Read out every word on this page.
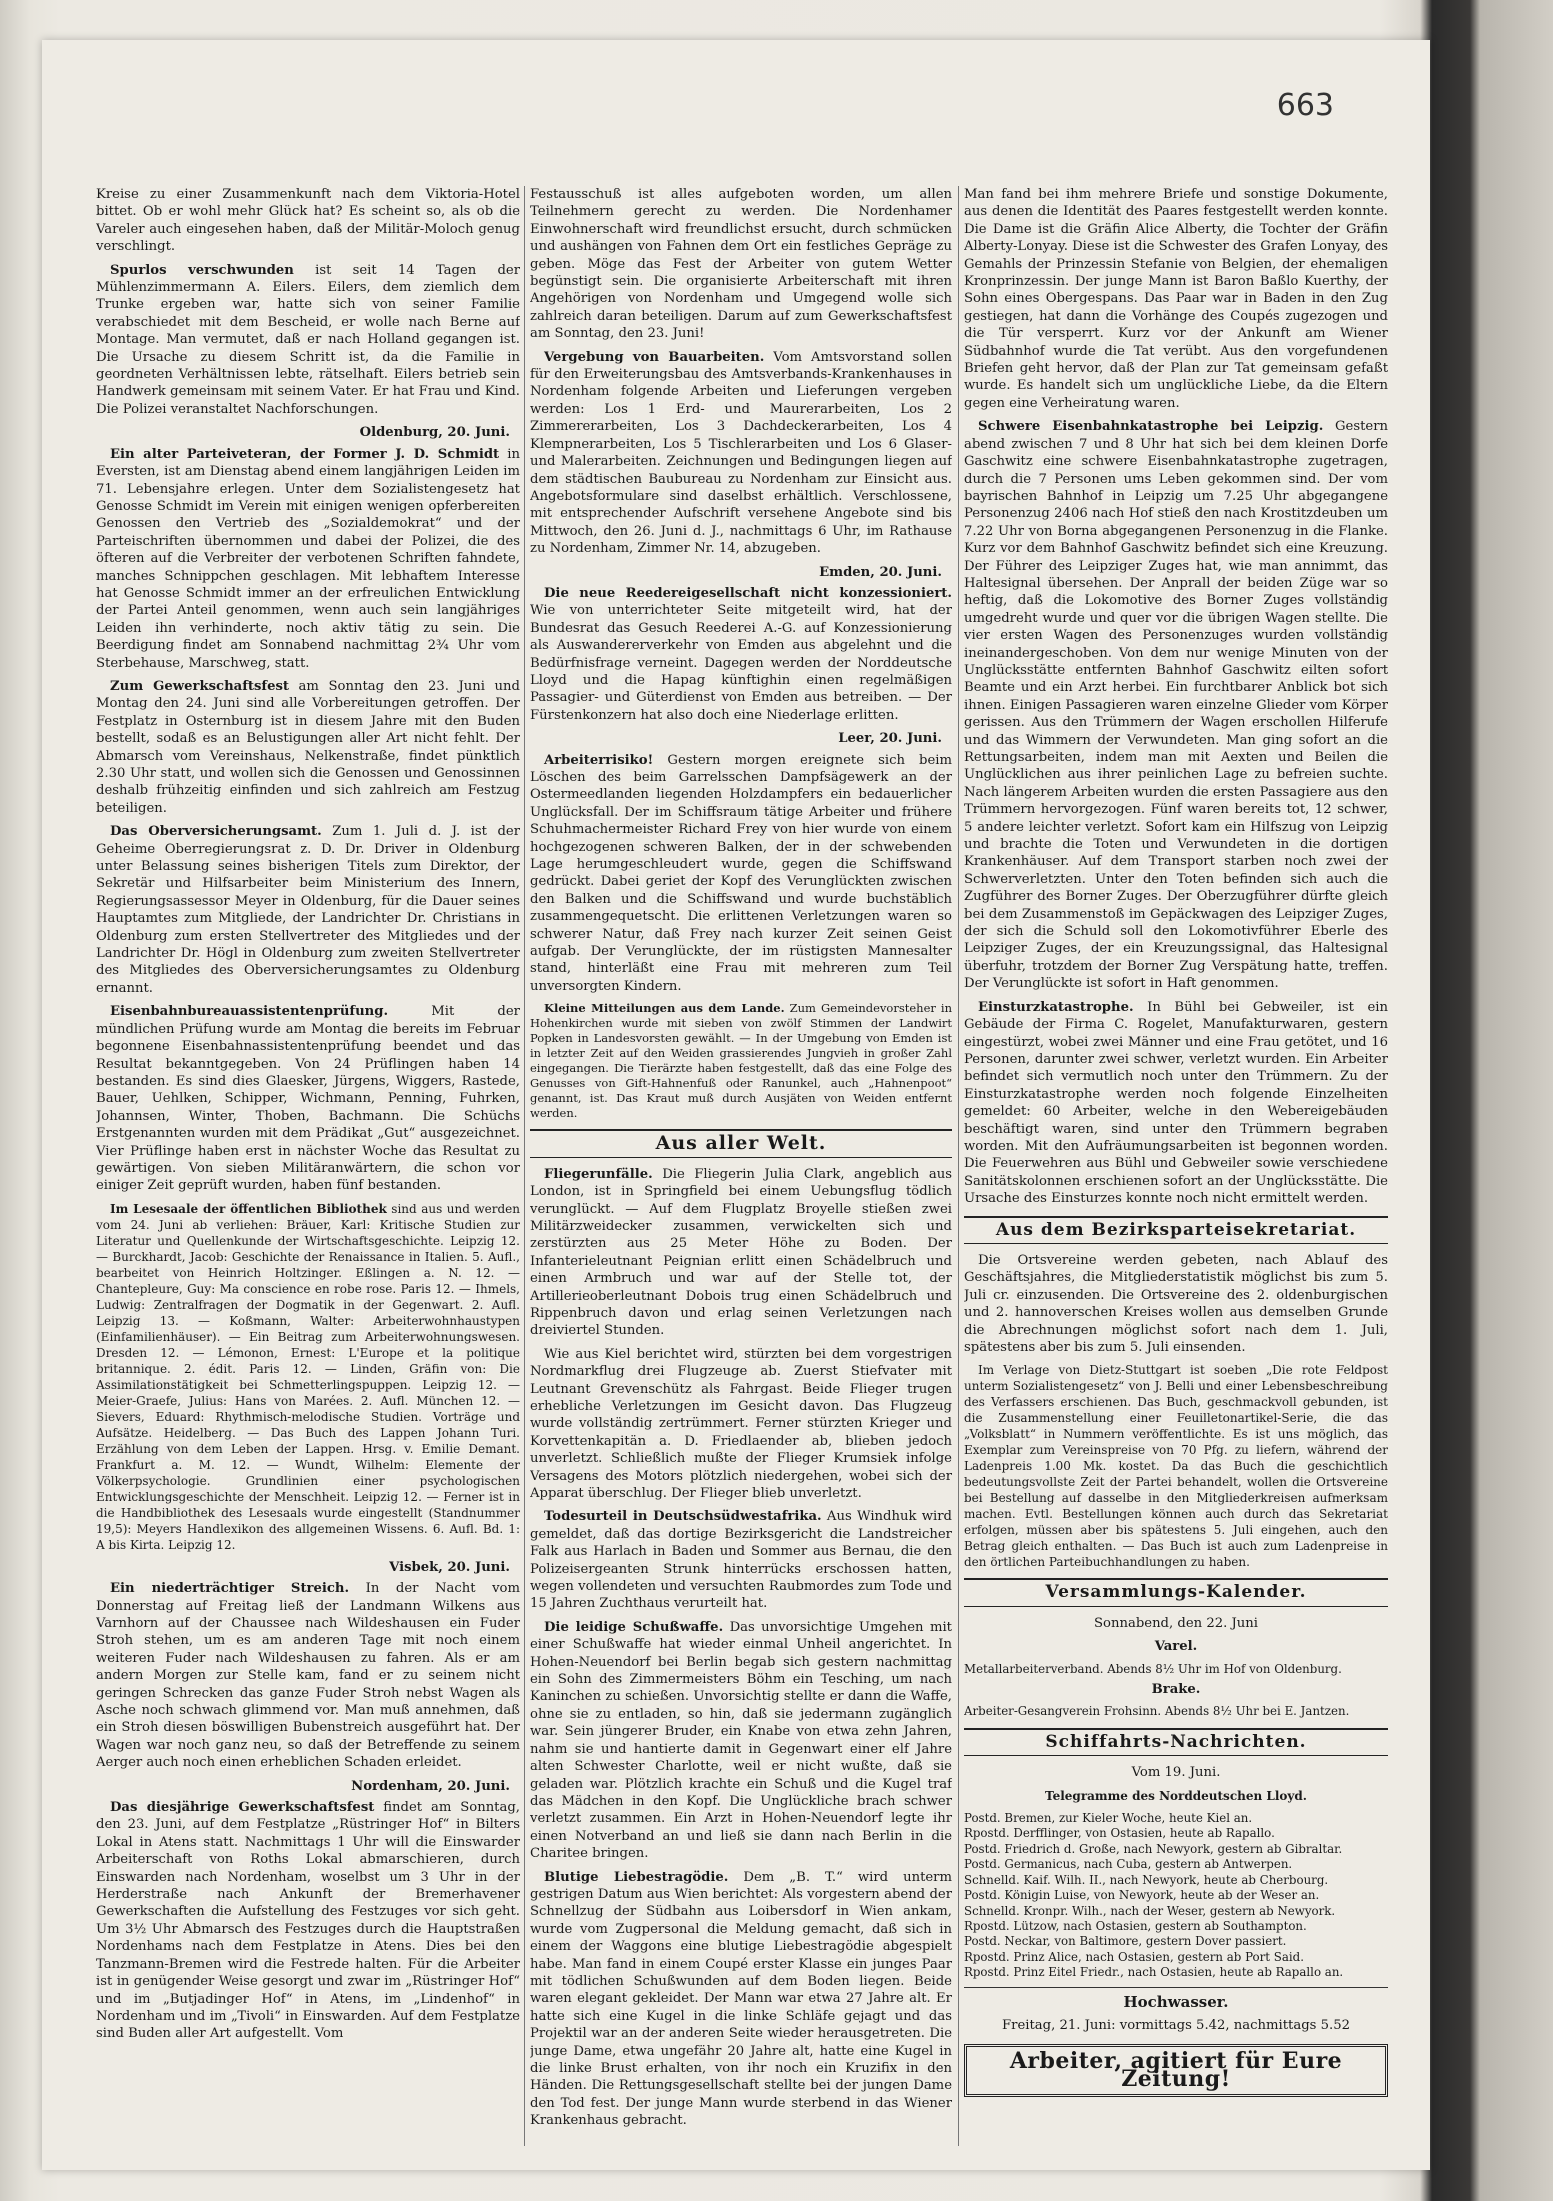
663

Kreise zu einer Zusammenkunft nach dem Viktoria-Hotel bittet. Ob er wohl mehr Glück hat? Es scheint so, als ob die Vareler auch eingesehen haben, daß der Militär-Moloch genug verschlingt.

Spurlos verschwunden ist seit 14 Tagen der Mühlenzimmermann A. Eilers. Eilers, dem ziemlich dem Trunke ergeben war, hatte sich von seiner Familie verabschiedet mit dem Bescheid, er wolle nach Berne auf Montage. Man vermutet, daß er nach Holland gegangen ist. Die Ursache zu diesem Schritt ist, da die Familie in geordneten Verhältnissen lebte, rätselhaft. Eilers betrieb sein Handwerk gemeinsam mit seinem Vater. Er hat Frau und Kind. Die Polizei veranstaltet Nachforschungen.

Oldenburg, 20. Juni.

Ein alter Parteiveteran, der Former J. D. Schmidt in Eversten, ist am Dienstag abend einem langjährigen Leiden im 71. Lebensjahre erlegen. Unter dem Sozialistengesetz hat Genosse Schmidt im Verein mit einigen wenigen opferbereiten Genossen den Vertrieb des „Sozialdemokrat“ und der Parteischriften übernommen und dabei der Polizei, die des öfteren auf die Verbreiter der verbotenen Schriften fahndete, manches Schnippchen geschlagen. Mit lebhaftem Interesse hat Genosse Schmidt immer an der erfreulichen Entwicklung der Partei Anteil genommen, wenn auch sein langjähriges Leiden ihn verhinderte, noch aktiv tätig zu sein. Die Beerdigung findet am Sonnabend nachmittag 2¾ Uhr vom Sterbehause, Marschweg, statt.

Zum Gewerkschaftsfest am Sonntag den 23. Juni und Montag den 24. Juni sind alle Vorbereitungen getroffen. Der Festplatz in Osternburg ist in diesem Jahre mit den Buden bestellt, sodaß es an Belustigungen aller Art nicht fehlt. Der Abmarsch vom Vereinshaus, Nelkenstraße, findet pünktlich 2.30 Uhr statt, und wollen sich die Genossen und Genossinnen deshalb frühzeitig einfinden und sich zahlreich am Festzug beteiligen.

Das Oberversicherungsamt. Zum 1. Juli d. J. ist der Geheime Oberregierungsrat z. D. Dr. Driver in Oldenburg unter Belassung seines bisherigen Titels zum Direktor, der Sekretär und Hilfsarbeiter beim Ministerium des Innern, Regierungsassessor Meyer in Oldenburg, für die Dauer seines Hauptamtes zum Mitgliede, der Landrichter Dr. Christians in Oldenburg zum ersten Stellvertreter des Mitgliedes und der Landrichter Dr. Högl in Oldenburg zum zweiten Stellvertreter des Mitgliedes des Oberversicherungsamtes zu Oldenburg ernannt.

Eisenbahnbureauassistentenprüfung. Mit der mündlichen Prüfung wurde am Montag die bereits im Februar begonnene Eisenbahnassistentenprüfung beendet und das Resultat bekanntgegeben. Von 24 Prüflingen haben 14 bestanden. Es sind dies Glaesker, Jürgens, Wiggers, Rastede, Bauer, Uehlken, Schipper, Wichmann, Penning, Fuhrken, Johannsen, Winter, Thoben, Bachmann. Die Schüchs Erstgenannten wurden mit dem Prädikat „Gut“ ausgezeichnet. Vier Prüflinge haben erst in nächster Woche das Resultat zu gewärtigen. Von sieben Militäranwärtern, die schon vor einiger Zeit geprüft wurden, haben fünf bestanden.

Im Lesesaale der öffentlichen Bibliothek sind aus und werden vom 24. Juni ab verliehen: Bräuer, Karl: Kritische Studien zur Literatur und Quellenkunde der Wirtschaftsgeschichte. Leipzig 12. — Burckhardt, Jacob: Geschichte der Renaissance in Italien. 5. Aufl., bearbeitet von Heinrich Holtzinger. Eßlingen a. N. 12. — Chantepleure, Guy: Ma conscience en robe rose. Paris 12. — Ihmels, Ludwig: Zentralfragen der Dogmatik in der Gegenwart. 2. Aufl. Leipzig 13. — Koßmann, Walter: Arbeiterwohnhaustypen (Einfamilienhäuser). — Ein Beitrag zum Arbeiterwohnungswesen. Dresden 12. — Lémonon, Ernest: L'Europe et la politique britannique. 2. édit. Paris 12. — Linden, Gräfin von: Die Assimilationstätigkeit bei Schmetterlingspuppen. Leipzig 12. — Meier-Graefe, Julius: Hans von Marées. 2. Aufl. München 12. — Sievers, Eduard: Rhythmisch-melodische Studien. Vorträge und Aufsätze. Heidelberg. — Das Buch des Lappen Johann Turi. Erzählung von dem Leben der Lappen. Hrsg. v. Emilie Demant. Frankfurt a. M. 12. — Wundt, Wilhelm: Elemente der Völkerpsychologie. Grundlinien einer psychologischen Entwicklungsgeschichte der Menschheit. Leipzig 12. — Ferner ist in die Handbibliothek des Lesesaals wurde eingestellt (Standnummer 19,5): Meyers Handlexikon des allgemeinen Wissens. 6. Aufl. Bd. 1: A bis Kirta. Leipzig 12.

Visbek, 20. Juni.

Ein niederträchtiger Streich. In der Nacht vom Donnerstag auf Freitag ließ der Landmann Wilkens aus Varnhorn auf der Chaussee nach Wildeshausen ein Fuder Stroh stehen, um es am anderen Tage mit noch einem weiteren Fuder nach Wildeshausen zu fahren. Als er am andern Morgen zur Stelle kam, fand er zu seinem nicht geringen Schrecken das ganze Fuder Stroh nebst Wagen als Asche noch schwach glimmend vor. Man muß annehmen, daß ein Stroh diesen böswilligen Bubenstreich ausgeführt hat. Der Wagen war noch ganz neu, so daß der Betreffende zu seinem Aerger auch noch einen erheblichen Schaden erleidet.

Nordenham, 20. Juni.

Das diesjährige Gewerkschaftsfest findet am Sonntag, den 23. Juni, auf dem Festplatze „Rüstringer Hof“ in Bilters Lokal in Atens statt. Nachmittags 1 Uhr will die Einswarder Arbeiterschaft von Roths Lokal abmarschieren, durch Einswarden nach Nordenham, woselbst um 3 Uhr in der Herderstraße nach Ankunft der Bremerhavener Gewerkschaften die Aufstellung des Festzuges vor sich geht. Um 3½ Uhr Abmarsch des Festzuges durch die Hauptstraßen Nordenhams nach dem Festplatze in Atens. Dies bei den Tanzmann-Bremen wird die Festrede halten. Für die Arbeiter ist in genügender Weise gesorgt und zwar im „Rüstringer Hof“ und im „Butjadinger Hof“ in Atens, im „Lindenhof“ in Nordenham und im „Tivoli“ in Einswarden. Auf dem Festplatze sind Buden aller Art aufgestellt. Vom

Festausschuß ist alles aufgeboten worden, um allen Teilnehmern gerecht zu werden. Die Nordenhamer Einwohnerschaft wird freundlichst ersucht, durch schmücken und aushängen von Fahnen dem Ort ein festliches Gepräge zu geben. Möge das Fest der Arbeiter von gutem Wetter begünstigt sein. Die organisierte Arbeiterschaft mit ihren Angehörigen von Nordenham und Umgegend wolle sich zahlreich daran beteiligen. Darum auf zum Gewerkschaftsfest am Sonntag, den 23. Juni!

Vergebung von Bauarbeiten. Vom Amtsvorstand sollen für den Erweiterungsbau des Amtsverbands-Krankenhauses in Nordenham folgende Arbeiten und Lieferungen vergeben werden: Los 1 Erd- und Maurerarbeiten, Los 2 Zimmererarbeiten, Los 3 Dachdeckerarbeiten, Los 4 Klempnerarbeiten, Los 5 Tischlerarbeiten und Los 6 Glaser- und Malerarbeiten. Zeichnungen und Bedingungen liegen auf dem städtischen Baubureau zu Nordenham zur Einsicht aus. Angebotsformulare sind daselbst erhältlich. Verschlossene, mit entsprechender Aufschrift versehene Angebote sind bis Mittwoch, den 26. Juni d. J., nachmittags 6 Uhr, im Rathause zu Nordenham, Zimmer Nr. 14, abzugeben.

Emden, 20. Juni.

Die neue Reedereigesellschaft nicht konzessioniert. Wie von unterrichteter Seite mitgeteilt wird, hat der Bundesrat das Gesuch Reederei A.-G. auf Konzessionierung als Auswandererverkehr von Emden aus abgelehnt und die Bedürfnisfrage verneint. Dagegen werden der Norddeutsche Lloyd und die Hapag künftighin einen regelmäßigen Passagier- und Güterdienst von Emden aus betreiben. — Der Fürstenkonzern hat also doch eine Niederlage erlitten.

Leer, 20. Juni.

Arbeiterrisiko! Gestern morgen ereignete sich beim Löschen des beim Garrelsschen Dampfsägewerk an der Ostermeedlanden liegenden Holzdampfers ein bedauerlicher Unglücksfall. Der im Schiffsraum tätige Arbeiter und frühere Schuhmachermeister Richard Frey von hier wurde von einem hochgezogenen schweren Balken, der in der schwebenden Lage herumgeschleudert wurde, gegen die Schiffswand gedrückt. Dabei geriet der Kopf des Verunglückten zwischen den Balken und die Schiffswand und wurde buchstäblich zusammengequetscht. Die erlittenen Verletzungen waren so schwerer Natur, daß Frey nach kurzer Zeit seinen Geist aufgab. Der Verunglückte, der im rüstigsten Mannesalter stand, hinterläßt eine Frau mit mehreren zum Teil unversorgten Kindern.

Kleine Mitteilungen aus dem Lande. Zum Gemeindevorsteher in Hohenkirchen wurde mit sieben von zwölf Stimmen der Landwirt Popken in Landesvorsten gewählt. — In der Umgebung von Emden ist in letzter Zeit auf den Weiden grassierendes Jungvieh in großer Zahl eingegangen. Die Tierärzte haben festgestellt, daß das eine Folge des Genusses von Gift-Hahnenfuß oder Ranunkel, auch „Hahnenpoot“ genannt, ist. Das Kraut muß durch Ausjäten von Weiden entfernt werden.

Aus aller Welt.

Fliegerunfälle. Die Fliegerin Julia Clark, angeblich aus London, ist in Springfield bei einem Uebungsflug tödlich verunglückt. — Auf dem Flugplatz Broyelle stießen zwei Militärzweidecker zusammen, verwickelten sich und zerstürzten aus 25 Meter Höhe zu Boden. Der Infanterieleutnant Peignian erlitt einen Schädelbruch und einen Armbruch und war auf der Stelle tot, der Artillerieoberleutnant Dobois trug einen Schädelbruch und Rippenbruch davon und erlag seinen Verletzungen nach dreiviertel Stunden.

Wie aus Kiel berichtet wird, stürzten bei dem vorgestrigen Nordmarkflug drei Flugzeuge ab. Zuerst Stiefvater mit Leutnant Grevenschütz als Fahrgast. Beide Flieger trugen erhebliche Verletzungen im Gesicht davon. Das Flugzeug wurde vollständig zertrümmert. Ferner stürzten Krieger und Korvettenkapitän a. D. Friedlaender ab, blieben jedoch unverletzt. Schließlich mußte der Flieger Krumsiek infolge Versagens des Motors plötzlich niedergehen, wobei sich der Apparat überschlug. Der Flieger blieb unverletzt.

Todesurteil in Deutschsüdwestafrika. Aus Windhuk wird gemeldet, daß das dortige Bezirksgericht die Landstreicher Falk aus Harlach in Baden und Sommer aus Bernau, die den Polizeisergeanten Strunk hinterrücks erschossen hatten, wegen vollendeten und versuchten Raubmordes zum Tode und 15 Jahren Zuchthaus verurteilt hat.

Die leidige Schußwaffe. Das unvorsichtige Umgehen mit einer Schußwaffe hat wieder einmal Unheil angerichtet. In Hohen-Neuendorf bei Berlin begab sich gestern nachmittag ein Sohn des Zimmermeisters Böhm ein Tesching, um nach Kaninchen zu schießen. Unvorsichtig stellte er dann die Waffe, ohne sie zu entladen, so hin, daß sie jedermann zugänglich war. Sein jüngerer Bruder, ein Knabe von etwa zehn Jahren, nahm sie und hantierte damit in Gegenwart einer elf Jahre alten Schwester Charlotte, weil er nicht wußte, daß sie geladen war. Plötzlich krachte ein Schuß und die Kugel traf das Mädchen in den Kopf. Die Unglückliche brach schwer verletzt zusammen. Ein Arzt in Hohen-Neuendorf legte ihr einen Notverband an und ließ sie dann nach Berlin in die Charitee bringen.

Blutige Liebestragödie. Dem „B. T.“ wird unterm gestrigen Datum aus Wien berichtet: Als vorgestern abend der Schnellzug der Südbahn aus Loibersdorf in Wien ankam, wurde vom Zugpersonal die Meldung gemacht, daß sich in einem der Waggons eine blutige Liebestragödie abgespielt habe. Man fand in einem Coupé erster Klasse ein junges Paar mit tödlichen Schußwunden auf dem Boden liegen. Beide waren elegant gekleidet. Der Mann war etwa 27 Jahre alt. Er hatte sich eine Kugel in die linke Schläfe gejagt und das Projektil war an der anderen Seite wieder herausgetreten. Die junge Dame, etwa ungefähr 20 Jahre alt, hatte eine Kugel in die linke Brust erhalten, von ihr noch ein Kruzifix in den Händen. Die Rettungsgesellschaft stellte bei der jungen Dame den Tod fest. Der junge Mann wurde sterbend in das Wiener Krankenhaus gebracht.

Man fand bei ihm mehrere Briefe und sonstige Dokumente, aus denen die Identität des Paares festgestellt werden konnte. Die Dame ist die Gräfin Alice Alberty, die Tochter der Gräfin Alberty-Lonyay. Diese ist die Schwester des Grafen Lonyay, des Gemahls der Prinzessin Stefanie von Belgien, der ehemaligen Kronprinzessin. Der junge Mann ist Baron Baßlo Kuerthy, der Sohn eines Obergespans. Das Paar war in Baden in den Zug gestiegen, hat dann die Vorhänge des Coupés zugezogen und die Tür versperrt. Kurz vor der Ankunft am Wiener Südbahnhof wurde die Tat verübt. Aus den vorgefundenen Briefen geht hervor, daß der Plan zur Tat gemeinsam gefaßt wurde. Es handelt sich um unglückliche Liebe, da die Eltern gegen eine Verheiratung waren.

Schwere Eisenbahnkatastrophe bei Leipzig. Gestern abend zwischen 7 und 8 Uhr hat sich bei dem kleinen Dorfe Gaschwitz eine schwere Eisenbahnkatastrophe zugetragen, durch die 7 Personen ums Leben gekommen sind. Der vom bayrischen Bahnhof in Leipzig um 7.25 Uhr abgegangene Personenzug 2406 nach Hof stieß den nach Krostitzdeuben um 7.22 Uhr von Borna abgegangenen Personenzug in die Flanke. Kurz vor dem Bahnhof Gaschwitz befindet sich eine Kreuzung. Der Führer des Leipziger Zuges hat, wie man annimmt, das Haltesignal übersehen. Der Anprall der beiden Züge war so heftig, daß die Lokomotive des Borner Zuges vollständig umgedreht wurde und quer vor die übrigen Wagen stellte. Die vier ersten Wagen des Personenzuges wurden vollständig ineinandergeschoben. Von dem nur wenige Minuten von der Unglücksstätte entfernten Bahnhof Gaschwitz eilten sofort Beamte und ein Arzt herbei. Ein furchtbarer Anblick bot sich ihnen. Einigen Passagieren waren einzelne Glieder vom Körper gerissen. Aus den Trümmern der Wagen erschollen Hilferufe und das Wimmern der Verwundeten. Man ging sofort an die Rettungsarbeiten, indem man mit Aexten und Beilen die Unglücklichen aus ihrer peinlichen Lage zu befreien suchte. Nach längerem Arbeiten wurden die ersten Passagiere aus den Trümmern hervorgezogen. Fünf waren bereits tot, 12 schwer, 5 andere leichter verletzt. Sofort kam ein Hilfszug von Leipzig und brachte die Toten und Verwundeten in die dortigen Krankenhäuser. Auf dem Transport starben noch zwei der Schwerverletzten. Unter den Toten befinden sich auch die Zugführer des Borner Zuges. Der Oberzugführer dürfte gleich bei dem Zusammenstoß im Gepäckwagen des Leipziger Zuges, der sich die Schuld soll den Lokomotivführer Eberle des Leipziger Zuges, der ein Kreuzungssignal, das Haltesignal überfuhr, trotzdem der Borner Zug Verspätung hatte, treffen. Der Verunglückte ist sofort in Haft genommen.

Einsturzkatastrophe. In Bühl bei Gebweiler, ist ein Gebäude der Firma C. Rogelet, Manufakturwaren, gestern eingestürzt, wobei zwei Männer und eine Frau getötet, und 16 Personen, darunter zwei schwer, verletzt wurden. Ein Arbeiter befindet sich vermutlich noch unter den Trümmern. Zu der Einsturzkatastrophe werden noch folgende Einzelheiten gemeldet: 60 Arbeiter, welche in den Webereigebäuden beschäftigt waren, sind unter den Trümmern begraben worden. Mit den Aufräumungsarbeiten ist begonnen worden. Die Feuerwehren aus Bühl und Gebweiler sowie verschiedene Sanitätskolonnen erschienen sofort an der Unglücksstätte. Die Ursache des Einsturzes konnte noch nicht ermittelt werden.

Aus dem Bezirksparteisekretariat.

Die Ortsvereine werden gebeten, nach Ablauf des Geschäftsjahres, die Mitgliederstatistik möglichst bis zum 5. Juli cr. einzusenden. Die Ortsvereine des 2. oldenburgischen und 2. hannoverschen Kreises wollen aus demselben Grunde die Abrechnungen möglichst sofort nach dem 1. Juli, spätestens aber bis zum 5. Juli einsenden.

Im Verlage von Dietz-Stuttgart ist soeben „Die rote Feldpost unterm Sozialistengesetz“ von J. Belli und einer Lebensbeschreibung des Verfassers erschienen. Das Buch, geschmackvoll gebunden, ist die Zusammenstellung einer Feuilletonartikel-Serie, die das „Volksblatt“ in Nummern veröffentlichte. Es ist uns möglich, das Exemplar zum Vereinspreise von 70 Pfg. zu liefern, während der Ladenpreis 1.00 Mk. kostet. Da das Buch die geschichtlich bedeutungsvollste Zeit der Partei behandelt, wollen die Ortsvereine bei Bestellung auf dasselbe in den Mitgliederkreisen aufmerksam machen. Evtl. Bestellungen können auch durch das Sekretariat erfolgen, müssen aber bis spätestens 5. Juli eingehen, auch den Betrag gleich enthalten. — Das Buch ist auch zum Ladenpreise in den örtlichen Parteibuchhandlungen zu haben.

Versammlungs-Kalender.

Sonnabend, den 22. Juni

Varel.

Metallarbeiterverband. Abends 8½ Uhr im Hof von Oldenburg.

Brake.

Arbeiter-Gesangverein Frohsinn. Abends 8½ Uhr bei E. Jantzen.

Schiffahrts-Nachrichten.

Vom 19. Juni.

Telegramme des Norddeutschen Lloyd.

Postd. Bremen, zur Kieler Woche, heute Kiel an.

Rpostd. Derfflinger, von Ostasien, heute ab Rapallo.

Postd. Friedrich d. Große, nach Newyork, gestern ab Gibraltar.

Postd. Germanicus, nach Cuba, gestern ab Antwerpen.

Schnelld. Kaif. Wilh. II., nach Newyork, heute ab Cherbourg.

Postd. Königin Luise, von Newyork, heute ab der Weser an.

Schnelld. Kronpr. Wilh., nach der Weser, gestern ab Newyork.

Rpostd. Lützow, nach Ostasien, gestern ab Southampton.

Postd. Neckar, von Baltimore, gestern Dover passiert.

Rpostd. Prinz Alice, nach Ostasien, gestern ab Port Said.

Rpostd. Prinz Eitel Friedr., nach Ostasien, heute ab Rapallo an.

Hochwasser.

Freitag, 21. Juni: vormittags 5.42, nachmittags 5.52

Arbeiter, agitiert für Eure Zeitung!
